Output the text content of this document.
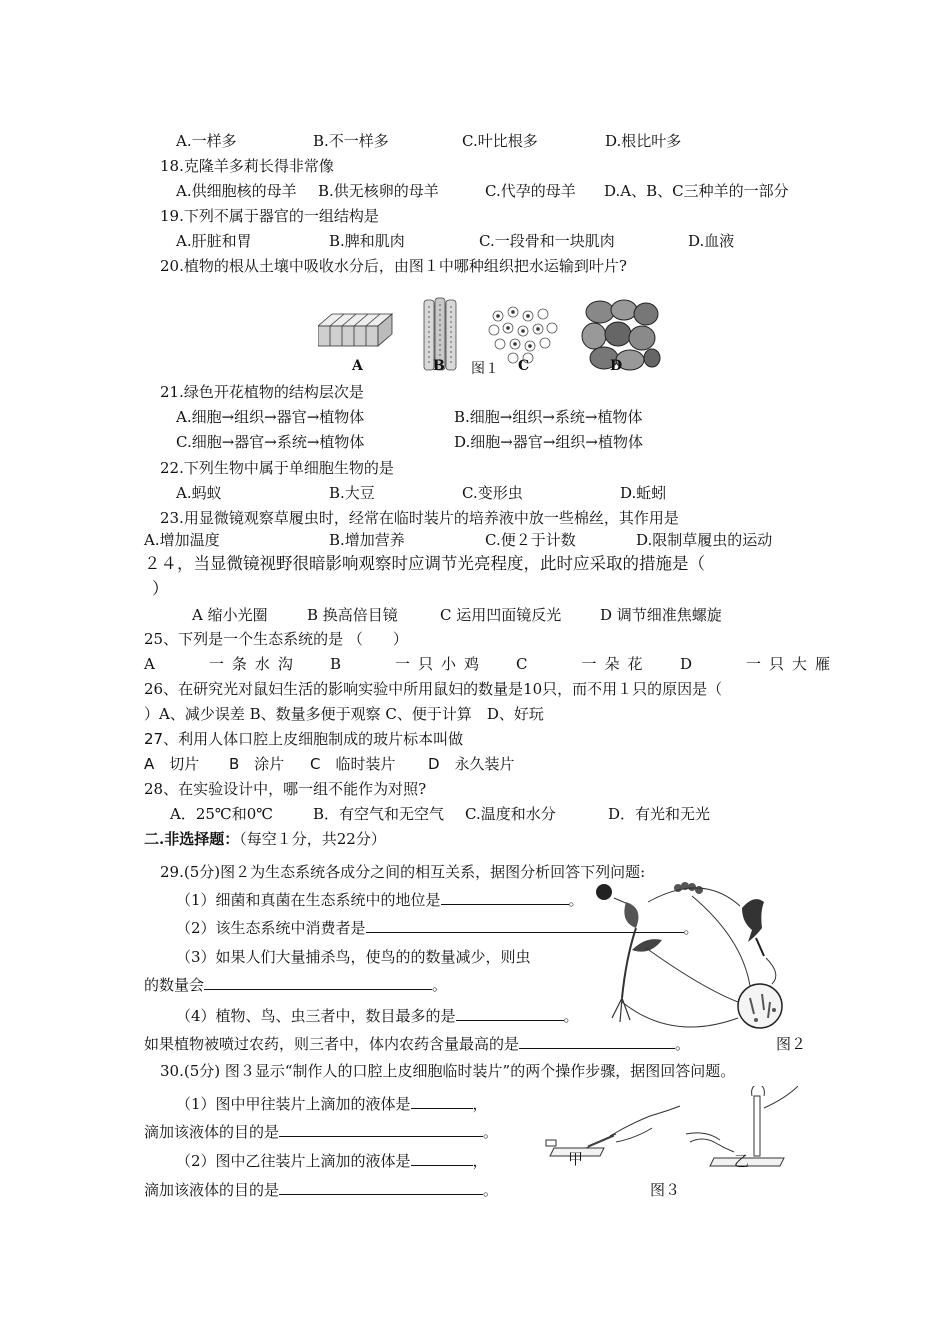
A.一样多	B.不一样多	C.叶比根多	D.根比叶多
18.克隆羊多莉长得非常像
A.供细胞核的母羊 B.供无核卵的母羊	C.代孕的母羊 D.A、B、C三种羊的一部分
19.下列不属于器官的一组结构是
A.肝脏和胃	B.脾和肌肉	C.一段骨和一块肌肉	D.血液
20.植物的根从土壤中吸收水分后，由图１中哪种组织把水运输到叶片?
A	B 图１ C	D
21.绿色开花植物的结构层次是
A.细胞→组织→器官→植物体	B.细胞→组织→系统→植物体
C.细胞→器官→系统→植物体	D.细胞→器官→组织→植物体
22.下列生物中属于单细胞生物的是
A.蚂蚁	B.大豆	C.变形虫	D.蚯蚓
23.用显微镜观察草履虫时，经常在临时装片的培养液中放一些棉丝，其作用是
A.增加温度	B.增加营养	C.便２于计数	D.限制草履虫的运动
２４，当显微镜视野很暗影响观察时应调节光亮程度，此时应采取的措施是（
）
A 缩小光圈	B 换高倍目镜	C 运用凹面镜反光	D 调节细准焦螺旋
25、下列是一个生态系统的是 （　　）
A　　一条水沟 B　　一只小鸡 C　　一朵花 D　　一只大雁
26、在研究光对鼠妇生活的影响实验中所用鼠妇的数量是10只，而不用１只的原因是（
）A、减少误差 B、数量多便于观察 C、便于计算　D、好玩
27、利用人体口腔上皮细胞制成的玻片标本叫做
A　切片 B　涂片 C　临时装片 D　永久装片
28、在实验设计中，哪一组不能作为对照?
A．25℃和0℃	B．有空气和无空气 C.温度和水分	D．有光和无光
二.非选择题：（每空１分，共22分）
29.(5分)图２为生态系统各成分之间的相互关系，据图分析回答下列问题:
（1）细菌和真菌在生态系统中的地位是	。
（2）该生态系统中消费者是	。
（3）如果人们大量捕杀鸟，使鸟的的数量减少，则虫
的数量会	。
（4）植物、鸟、虫三者中，数目最多的是	。
如果植物被喷过农药，则三者中，体内农药含量最高的是	。	图２
30.(5分) 图３显示“制作人的口腔上皮细胞临时装片”的两个操作步骤，据图回答问题。
（1）图中甲往装片上滴加的液体是	，
滴加该液体的目的是	。
（2）图中乙往装片上滴加的液体是	，
滴加该液体的目的是	。
甲	乙
图３
